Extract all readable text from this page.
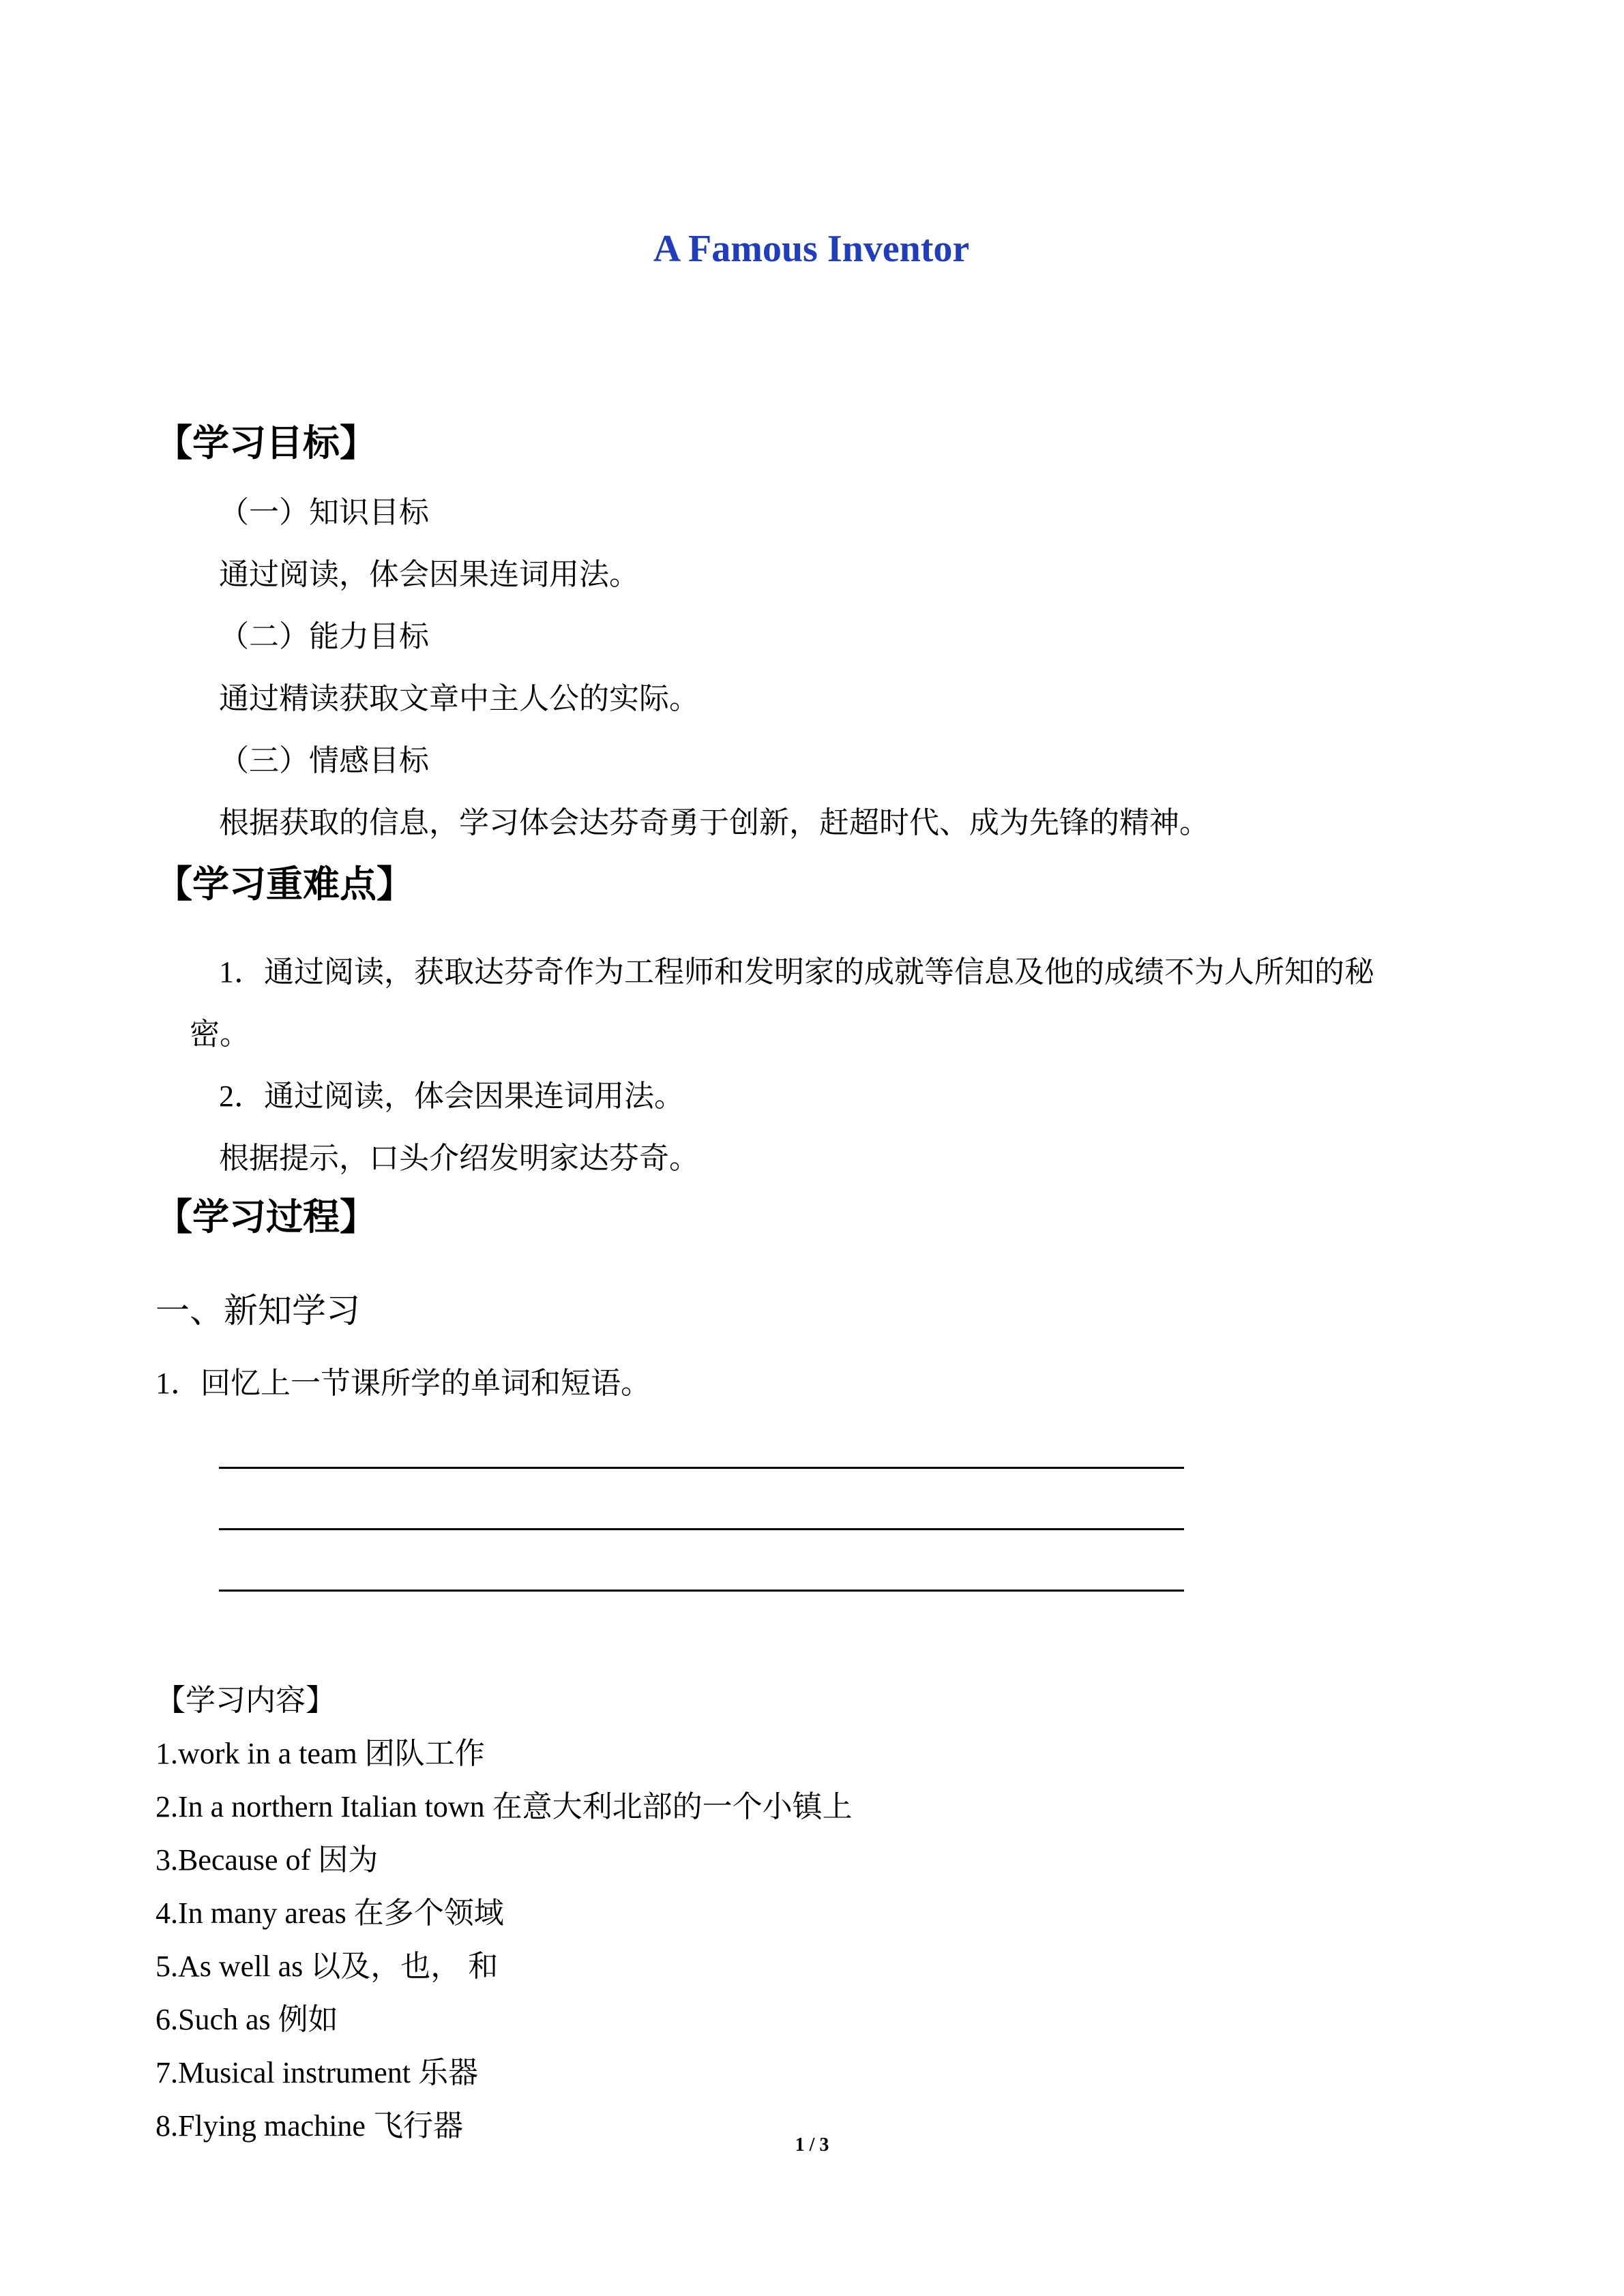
A Famous Inventor
【学习目标】
（一）知识目标
通过阅读，体会因果连词用法。
（二）能力目标
通过精读获取文章中主人公的实际。
（三）情感目标
根据获取的信息，学习体会达芬奇勇于创新，赶超时代、成为先锋的精神。
【学习重难点】
1．通过阅读，获取达芬奇作为工程师和发明家的成就等信息及他的成绩不为人所知的秘
密。
2．通过阅读，体会因果连词用法。
根据提示，口头介绍发明家达芬奇。
【学习过程】
一、新知学习
1．回忆上一节课所学的单词和短语。
【学习内容】
1.work in a team 团队工作
2.In a northern Italian town 在意大利北部的一个小镇上
3.Because of 因为
4.In many areas 在多个领域
5.As well as 以及，也， 和
6.Such as 例如
7.Musical instrument 乐器
8.Flying machine 飞行器
1 / 3
